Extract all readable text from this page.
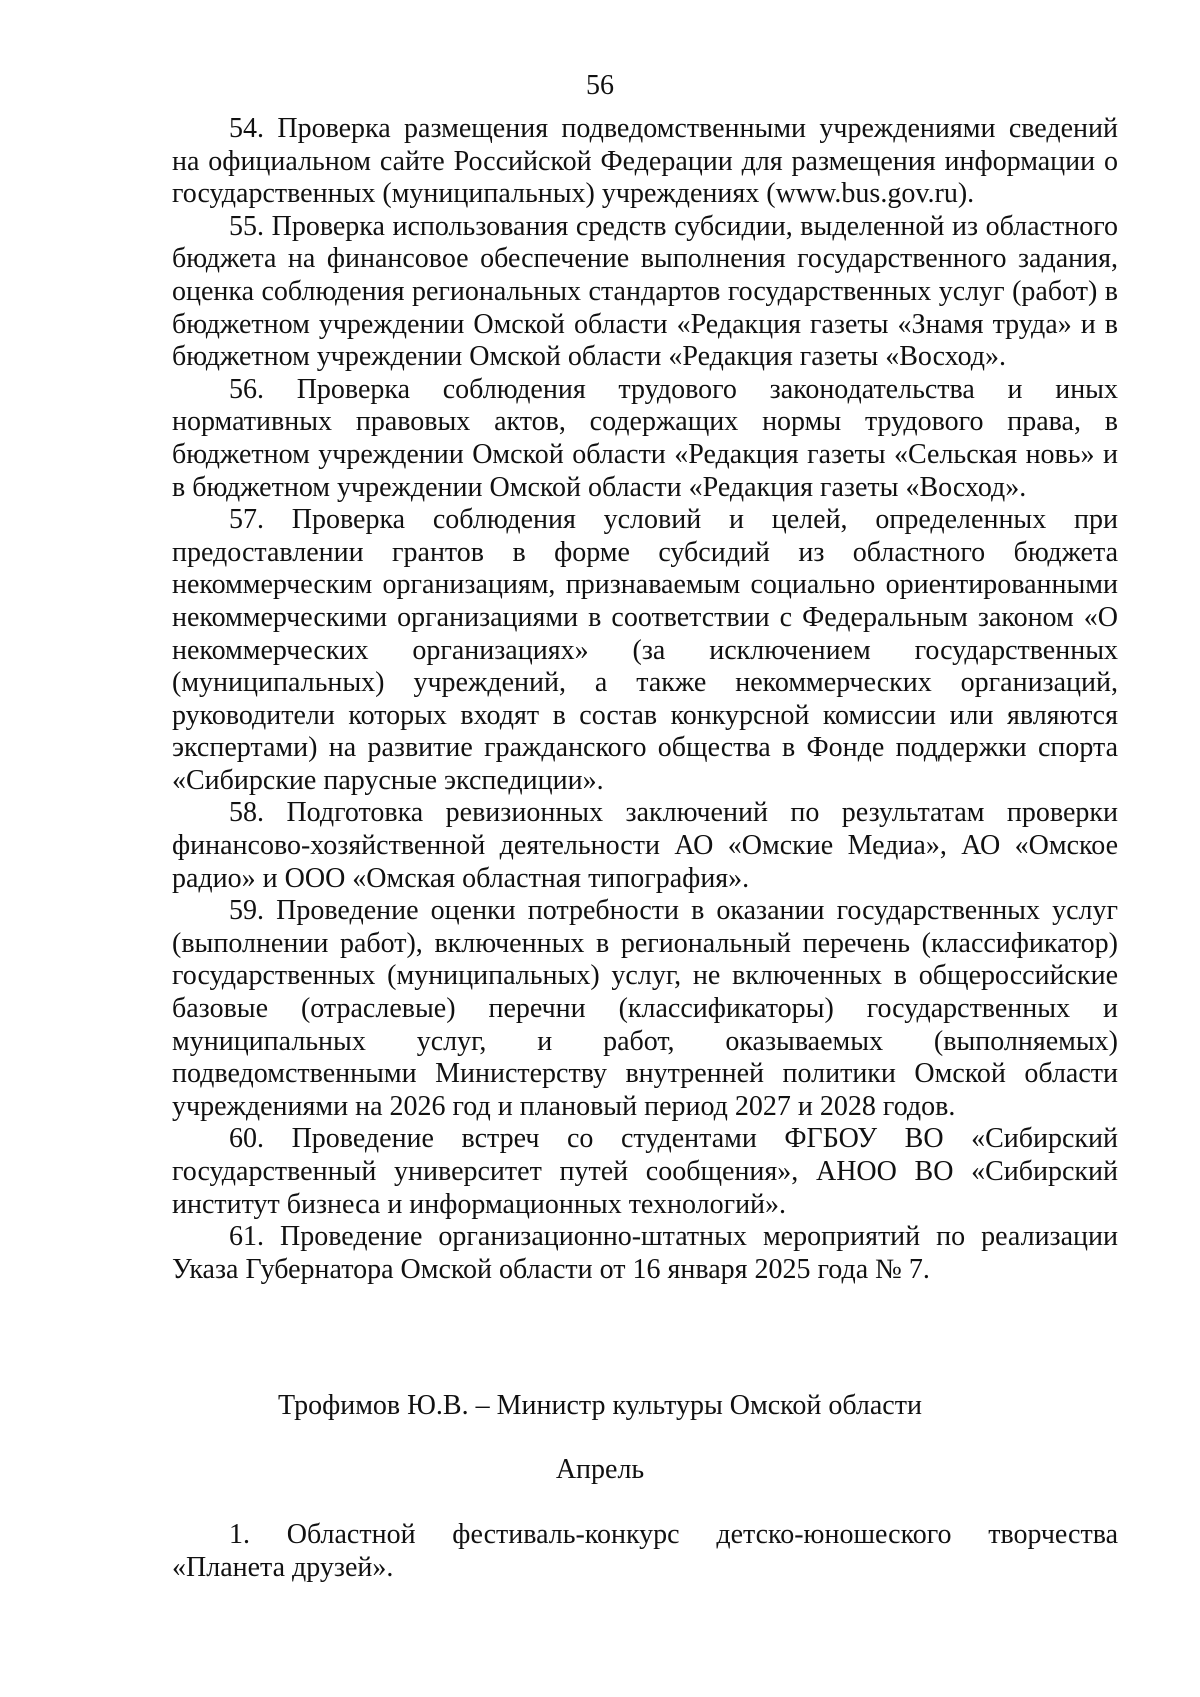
56

54. Проверка размещения подведомственными учреждениями сведений на официальном сайте Российской Федерации для размещения информации о государственных (муниципальных) учреждениях (www.bus.gov.ru).

55. Проверка использования средств субсидии, выделенной из областного бюджета на финансовое обеспечение выполнения государственного задания, оценка соблюдения региональных стандартов государственных услуг (работ) в бюджетном учреждении Омской области «Редакция газеты «Знамя труда» и в бюджетном учреждении Омской области «Редакция газеты «Восход».

56. Проверка соблюдения трудового законодательства и иных нормативных правовых актов, содержащих нормы трудового права, в бюджетном учреждении Омской области «Редакция газеты «Сельская новь» и в бюджетном учреждении Омской области «Редакция газеты «Восход».

57. Проверка соблюдения условий и целей, определенных при предоставлении грантов в форме субсидий из областного бюджета некоммерческим организациям, признаваемым социально ориентированными некоммерческими организациями в соответствии с Федеральным законом «О некоммерческих организациях» (за исключением государственных (муниципальных) учреждений, а также некоммерческих организаций, руководители которых входят в состав конкурсной комиссии или являются экспертами) на развитие гражданского общества в Фонде поддержки спорта «Сибирские парусные экспедиции».

58. Подготовка ревизионных заключений по результатам проверки финансово-хозяйственной деятельности АО «Омские Медиа», АО «Омское радио» и ООО «Омская областная типография».

59. Проведение оценки потребности в оказании государственных услуг (выполнении работ), включенных в региональный перечень (классификатор) государственных (муниципальных) услуг, не включенных в общероссийские базовые (отраслевые) перечни (классификаторы) государственных и муниципальных услуг, и работ, оказываемых (выполняемых) подведомственными Министерству внутренней политики Омской области учреждениями на 2026 год и плановый период 2027 и 2028 годов.

60. Проведение встреч со студентами ФГБОУ ВО «Сибирский государственный университет путей сообщения», АНОО ВО «Сибирский институт бизнеса и информационных технологий».

61. Проведение организационно-штатных мероприятий по реализации Указа Губернатора Омской области от 16 января 2025 года № 7.

Трофимов Ю.В. – Министр культуры Омской области
Апрель

1. Областной фестиваль-конкурс детско-юношеского творчества «Планета друзей».
